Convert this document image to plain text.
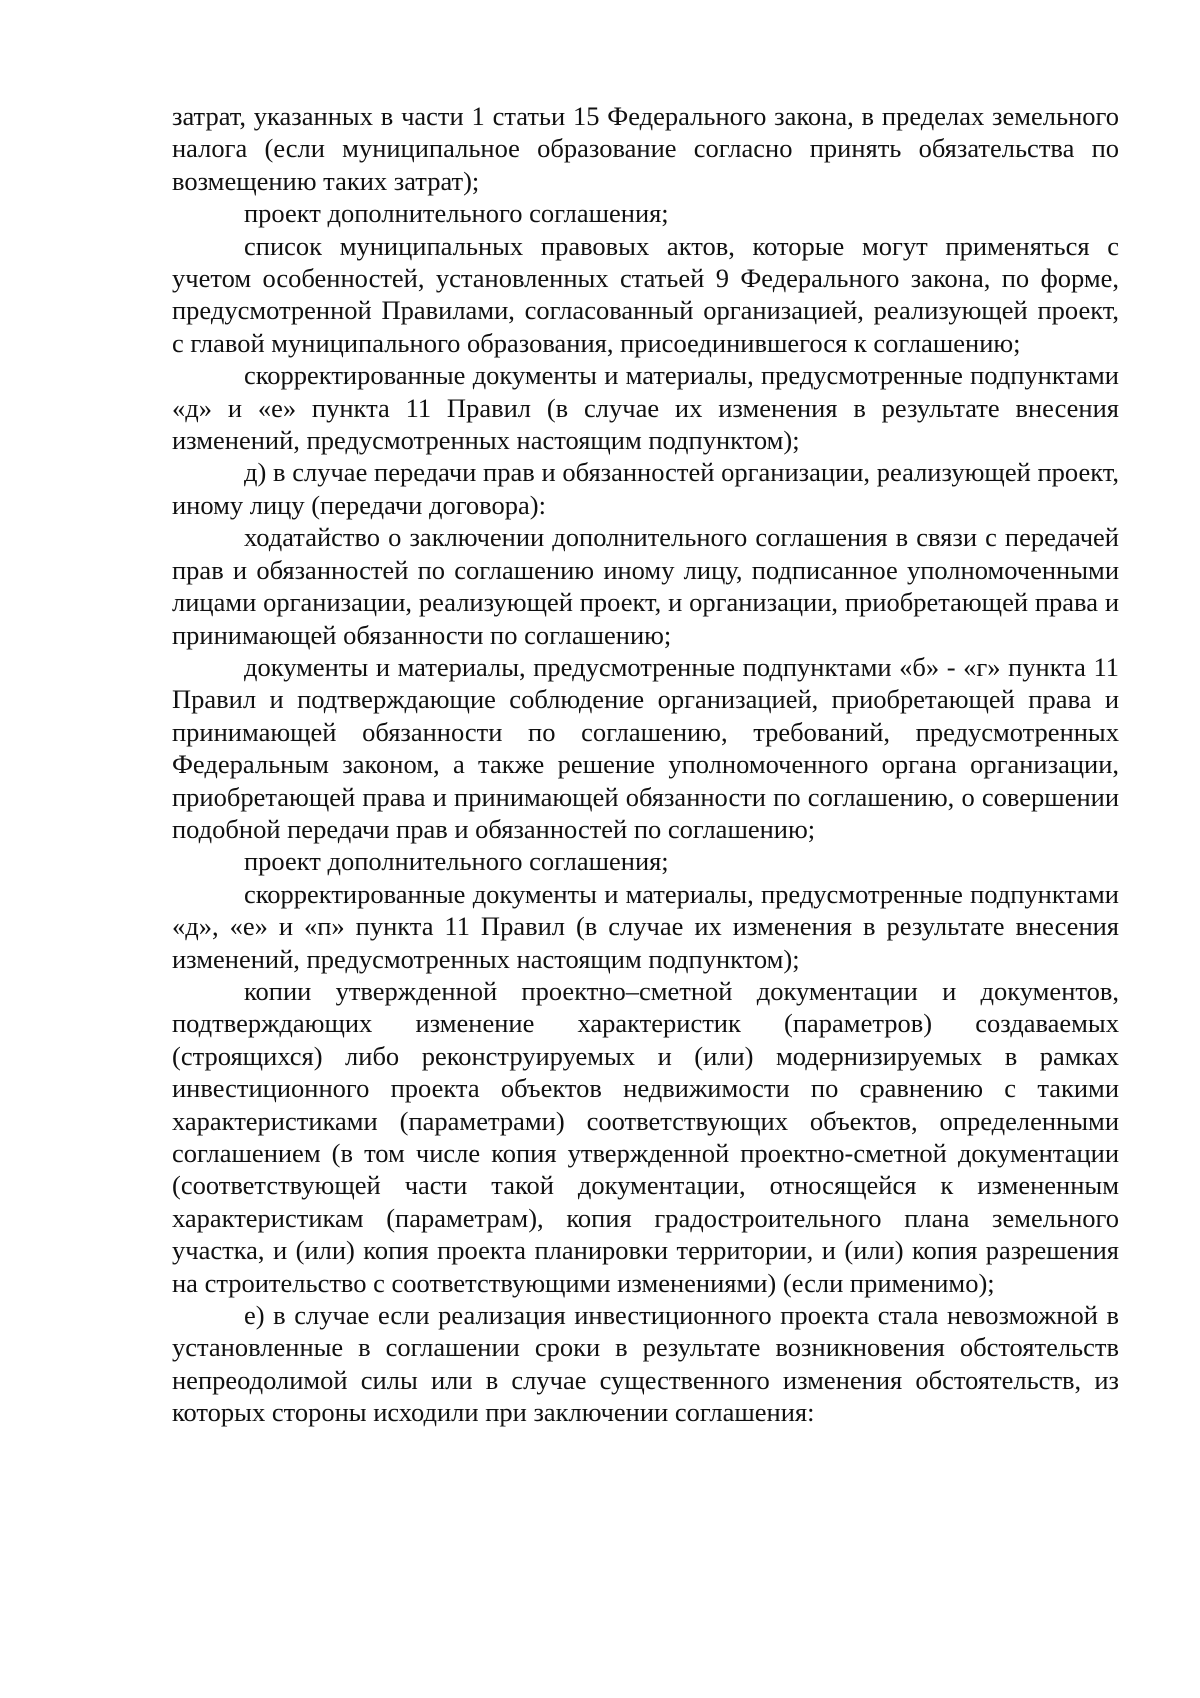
затрат, указанных в части 1 статьи 15 Федерального закона, в пределах земельного налога (если муниципальное образование согласно принять обязательства по возмещению таких затрат);

проект дополнительного соглашения;

список муниципальных правовых актов, которые могут применяться с учетом особенностей, установленных статьей 9 Федерального закона, по форме, предусмотренной Правилами, согласованный организацией, реализующей проект, с главой муниципального образования, присоединившегося к соглашению;

скорректированные документы и материалы, предусмотренные подпунктами «д» и «е» пункта 11 Правил (в случае их изменения в результате внесения изменений, предусмотренных настоящим подпунктом);

д) в случае передачи прав и обязанностей организации, реализующей проект, иному лицу (передачи договора):

ходатайство о заключении дополнительного соглашения в связи с передачей прав и обязанностей по соглашению иному лицу, подписанное уполномоченными лицами организации, реализующей проект, и организации, приобретающей права и принимающей обязанности по соглашению;

документы и материалы, предусмотренные подпунктами «б» - «г» пункта 11 Правил и подтверждающие соблюдение организацией, приобретающей права и принимающей обязанности по соглашению, требований, предусмотренных Федеральным законом, а также решение уполномоченного органа организации, приобретающей права и принимающей обязанности по соглашению, о совершении подобной передачи прав и обязанностей по соглашению;

проект дополнительного соглашения;

скорректированные документы и материалы, предусмотренные подпунктами «д», «е» и «п» пункта 11 Правил (в случае их изменения в результате внесения изменений, предусмотренных настоящим подпунктом);

копии утвержденной проектно–сметной документации и документов, подтверждающих изменение характеристик (параметров) создаваемых (строящихся) либо реконструируемых и (или) модернизируемых в рамках инвестиционного проекта объектов недвижимости по сравнению с такими характеристиками (параметрами) соответствующих объектов, определенными соглашением (в том числе копия утвержденной проектно-сметной документации (соответствующей части такой документации, относящейся к измененным характеристикам (параметрам), копия градостроительного плана земельного участка, и (или) копия проекта планировки территории, и (или) копия разрешения на строительство с соответствующими изменениями) (если применимо);

е) в случае если реализация инвестиционного проекта стала невозможной в установленные в соглашении сроки в результате возникновения обстоятельств непреодолимой силы или в случае существенного изменения обстоятельств, из которых стороны исходили при заключении соглашения:
